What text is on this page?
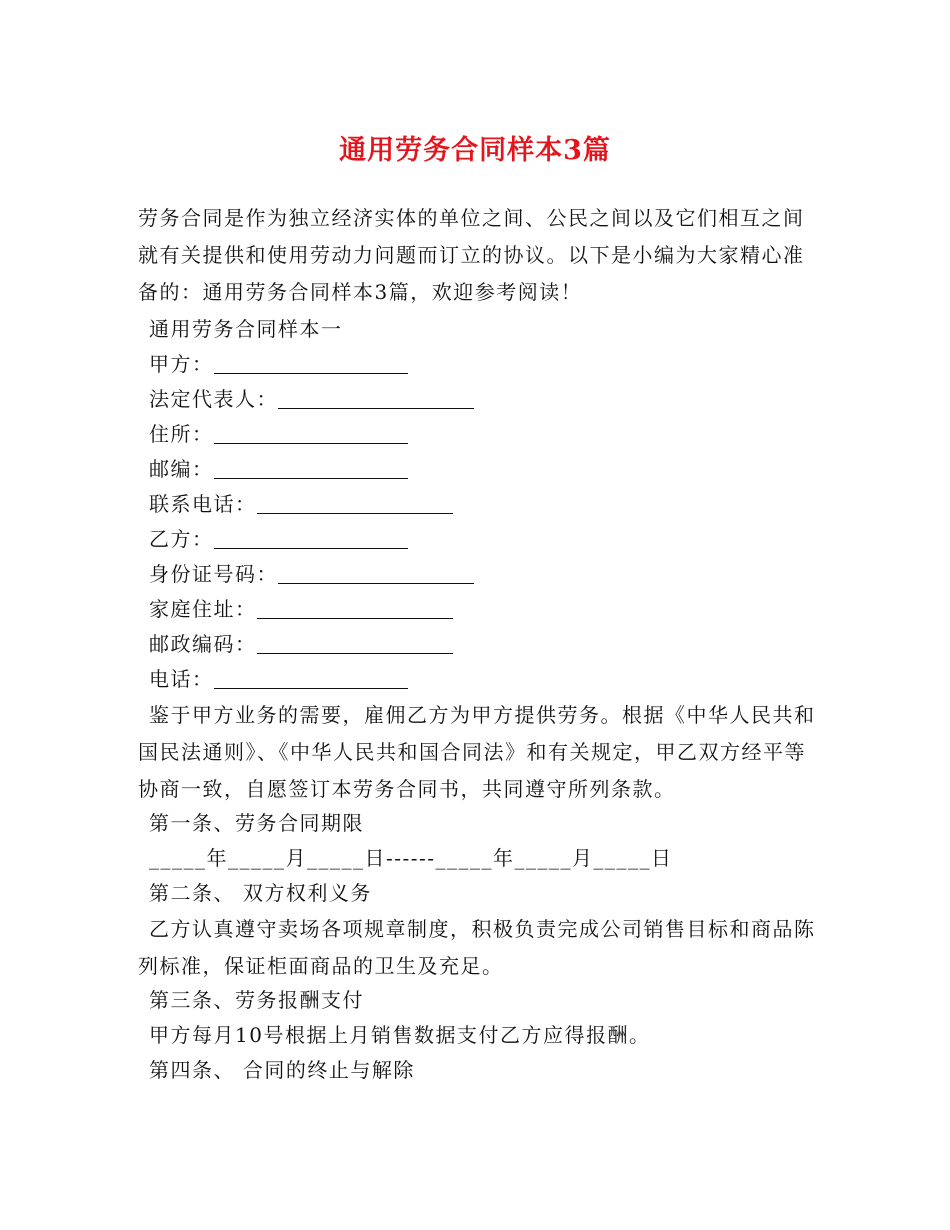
通用劳务合同样本3篇
劳务合同是作为独立经济实体的单位之间、公民之间以及它们相互之间就有关提供和使用劳动力问题而订立的协议。以下是小编为大家精心准备的：通用劳务合同样本3篇，欢迎参考阅读！
通用劳务合同样本一
甲方：
法定代表人：
住所：
邮编：
联系电话：
乙方：
身份证号码：
家庭住址：
邮政编码：
电话：
鉴于甲方业务的需要，雇佣乙方为甲方提供劳务。根据《中华人民共和国民法通则》、《中华人民共和国合同法》和有关规定，甲乙双方经平等协商一致，自愿签订本劳务合同书，共同遵守所列条款。
第一条、劳务合同期限
_____年_____月_____日------_____年_____月_____日
第二条、 双方权利义务
乙方认真遵守卖场各项规章制度，积极负责完成公司销售目标和商品陈列标准，保证柜面商品的卫生及充足。
第三条、劳务报酬支付
甲方每月10号根据上月销售数据支付乙方应得报酬。
第四条、 合同的终止与解除
